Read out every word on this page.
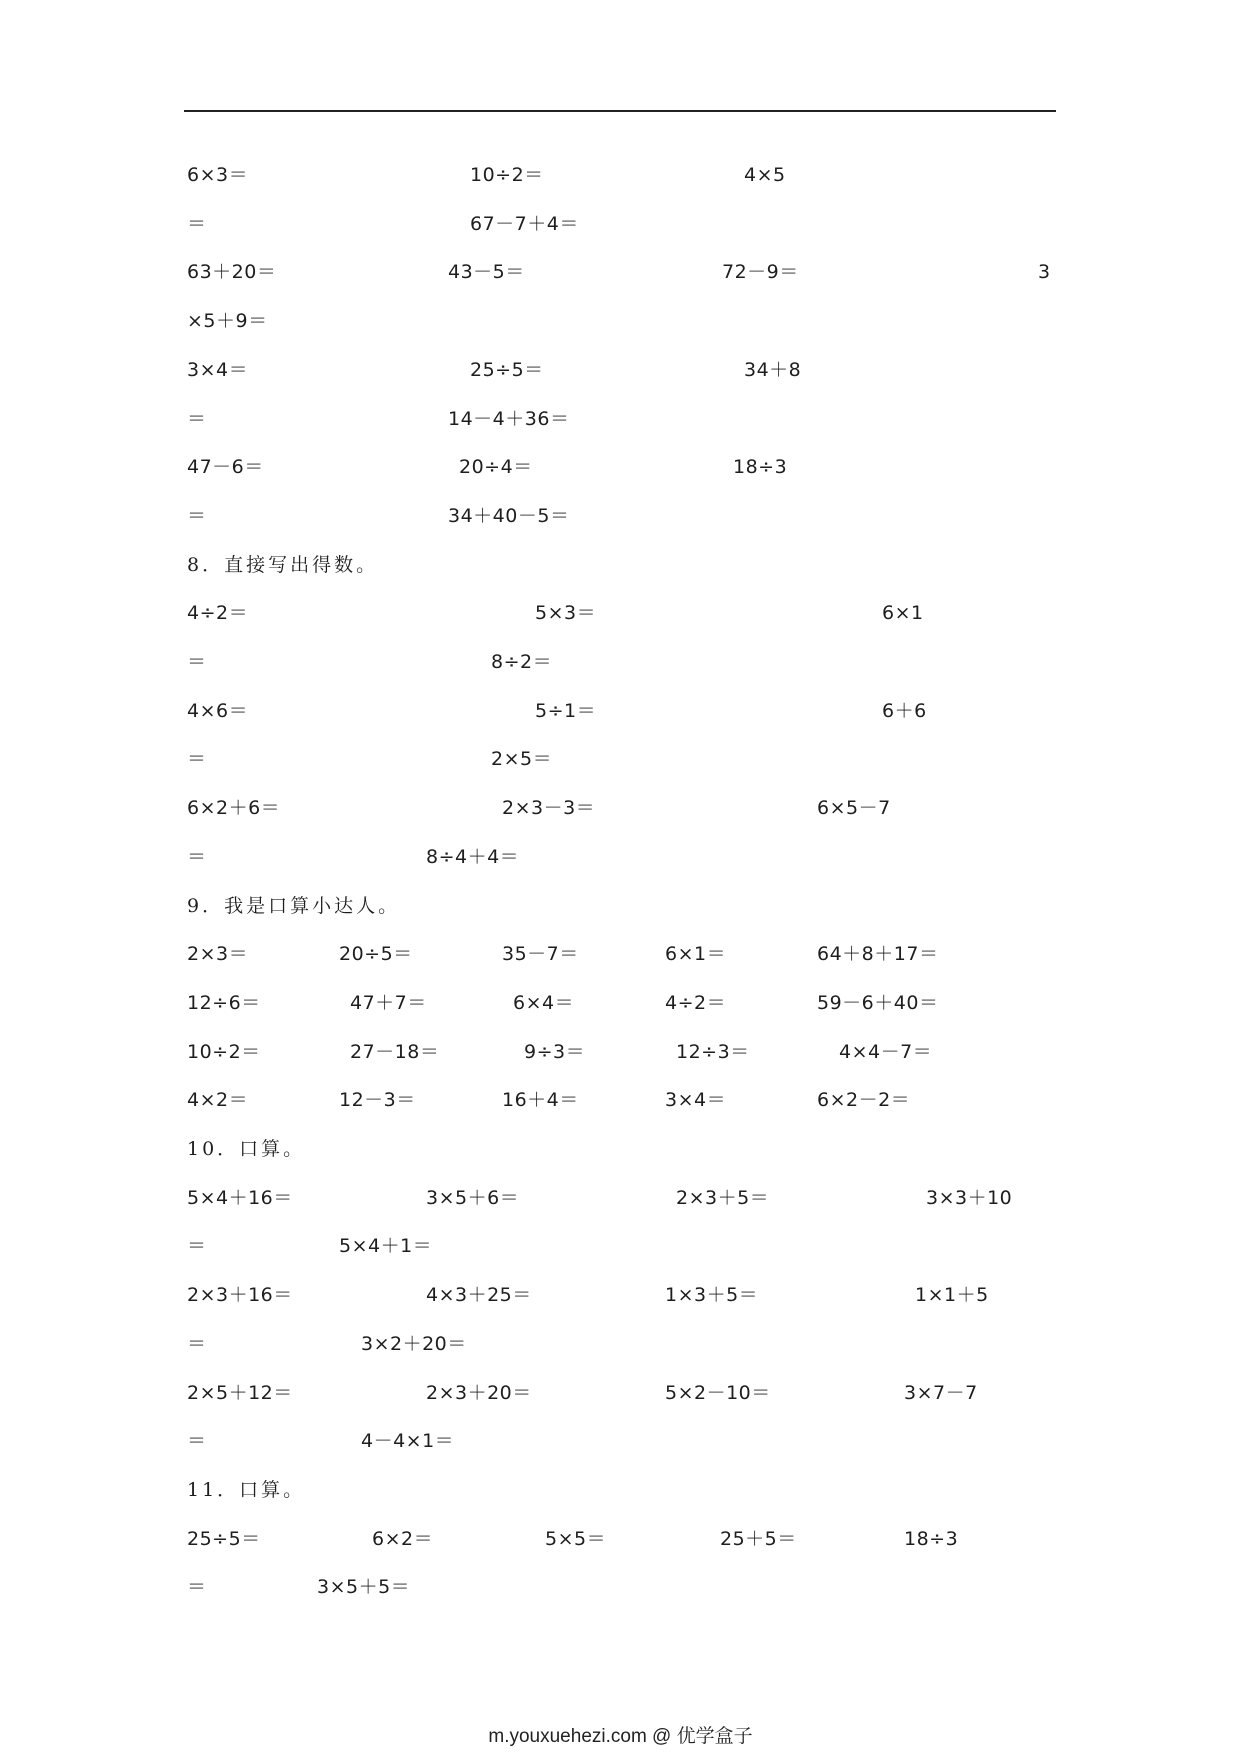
6×3＝	10÷2＝	4×5
＝	67－7＋4＝
63＋20＝	43－5＝	72－9＝	3
×5＋9＝
3×4＝	25÷5＝	34＋8
＝	14－4＋36＝
47－6＝	20÷4＝	18÷3
＝	34＋40－5＝
8．直接写出得数。
4÷2＝	5×3＝	6×1
＝	8÷2＝
4×6＝	5÷1＝	6＋6
＝	2×5＝
6×2＋6＝	2×3－3＝	6×5－7
＝	8÷4＋4＝
9．我是口算小达人。
2×3＝	20÷5＝	35－7＝	6×1＝	64＋8＋17＝
12÷6＝	47＋7＝	6×4＝	4÷2＝	59－6＋40＝
10÷2＝	27－18＝	9÷3＝	12÷3＝	4×4－7＝
4×2＝	12－3＝	16＋4＝	3×4＝	6×2－2＝
10．口算。
5×4＋16＝	3×5＋6＝	2×3＋5＝	3×3＋10
＝	5×4＋1＝
2×3＋16＝	4×3＋25＝	1×3＋5＝	1×1＋5
＝	3×2＋20＝
2×5＋12＝	2×3＋20＝	5×2－10＝	3×7－7
＝	4－4×1＝
11．口算。
25÷5＝	6×2＝	5×5＝	25＋5＝	18÷3
＝	3×5＋5＝
m.youxuehezi.com @ 优学盒子
